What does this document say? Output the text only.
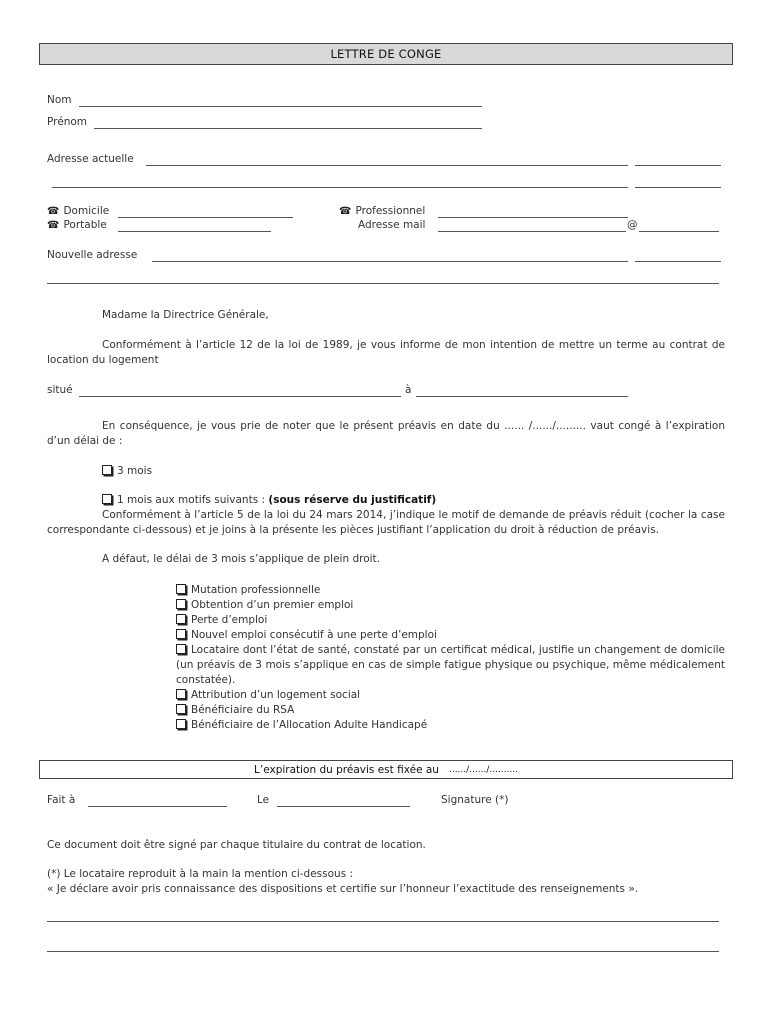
LETTRE DE CONGE
Nom
Prénom
Adresse actuelle
☎ Domicile
☎ Portable
☎ Professionnel
Adresse mail	@
Nouvelle adresse
Madame la Directrice Générale,
Conformément à l’article 12 de la loi de 1989, je vous informe de mon intention de mettre un terme au contrat de location du logement
situé	à
En conséquence, je vous prie de noter que le présent préavis en date du ...... /....../......... vaut congé à l’expiration d’un délai de :
3 mois
1 mois aux motifs suivants : (sous réserve du justificatif)
Conformément à l’article 5 de la loi du 24 mars 2014, j’indique le motif de demande de préavis réduit (cocher la case correspondante ci-dessous) et je joins à la présente les pièces justifiant l’application du droit à réduction de préavis.
A défaut, le délai de 3 mois s’applique de plein droit.
Mutation professionnelle
Obtention d’un premier emploi
Perte d’emploi
Nouvel emploi consécutif à une perte d’emploi
Locataire dont l’état de santé, constaté par un certificat médical, justifie un changement de domicile (un préavis de 3 mois s’applique en cas de simple fatigue physique ou psychique, même médicalement constatée).
Attribution d’un logement social
Bénéficiaire du RSA
Bénéficiaire de l’Allocation Adulte Handicapé
L’expiration du préavis est fixée au ....../....../..........
Fait à	Le	Signature (*)
Ce document doit être signé par chaque titulaire du contrat de location.
(*) Le locataire reproduit à la main la mention ci-dessous :
« Je déclare avoir pris connaissance des dispositions et certifie sur l’honneur l’exactitude des renseignements ».
